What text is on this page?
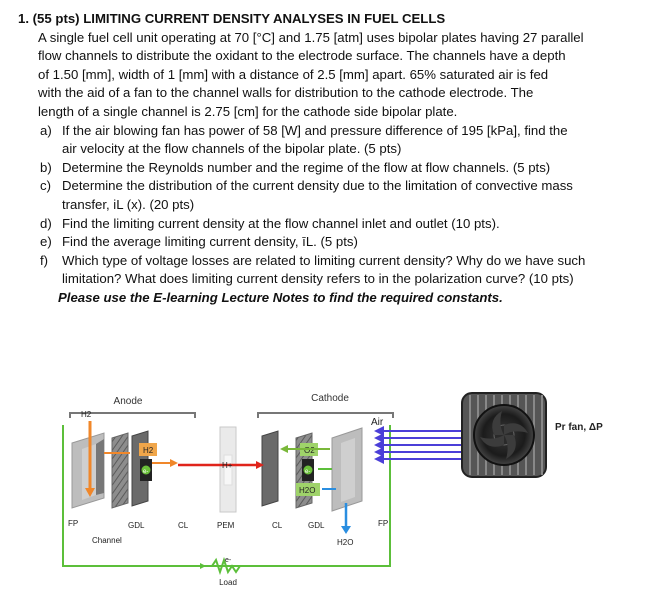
1. (55 pts) LIMITING CURRENT DENSITY ANALYSES IN FUEL CELLS
A single fuel cell unit operating at 70 [°C] and 1.75 [atm] uses bipolar plates having 27 parallel
flow channels to distribute the oxidant to the electrode surface. The channels have a depth
of 1.50 [mm], width of 1 [mm] with a distance of 2.5 [mm] apart. 65% saturated air is fed
with the aid of a fan to the channel walls for distribution to the cathode electrode. The
length of a single channel is 2.75 [cm] for the cathode side bipolar plate.
a) If the air blowing fan has power of 58 [W] and pressure difference of 195 [kPa], find the
air velocity at the flow channels of the bipolar plate. (5 pts)
b) Determine the Reynolds number and the regime of the flow at flow channels. (5 pts)
c) Determine the distribution of the current density due to the limitation of convective mass
transfer, iL (x). (20 pts)
d) Find the limiting current density at the flow channel inlet and outlet (10 pts).
e) Find the average limiting current density, īL. (5 pts)
f)	Which type of voltage losses are related to limiting current density? Why do we have such
limitation? What does limiting current density refers to in the polarization curve? (10 pts)
Please use the E-learning Lecture Notes to find the required constants.
Anode	Cathode
H2
H2
e-
H+
O2
e-
H2O
Air	Pr fan, ΔP
FP	GDL	CL	PEM	CL	GDL	FP
Channel	H2O
e-
Load
